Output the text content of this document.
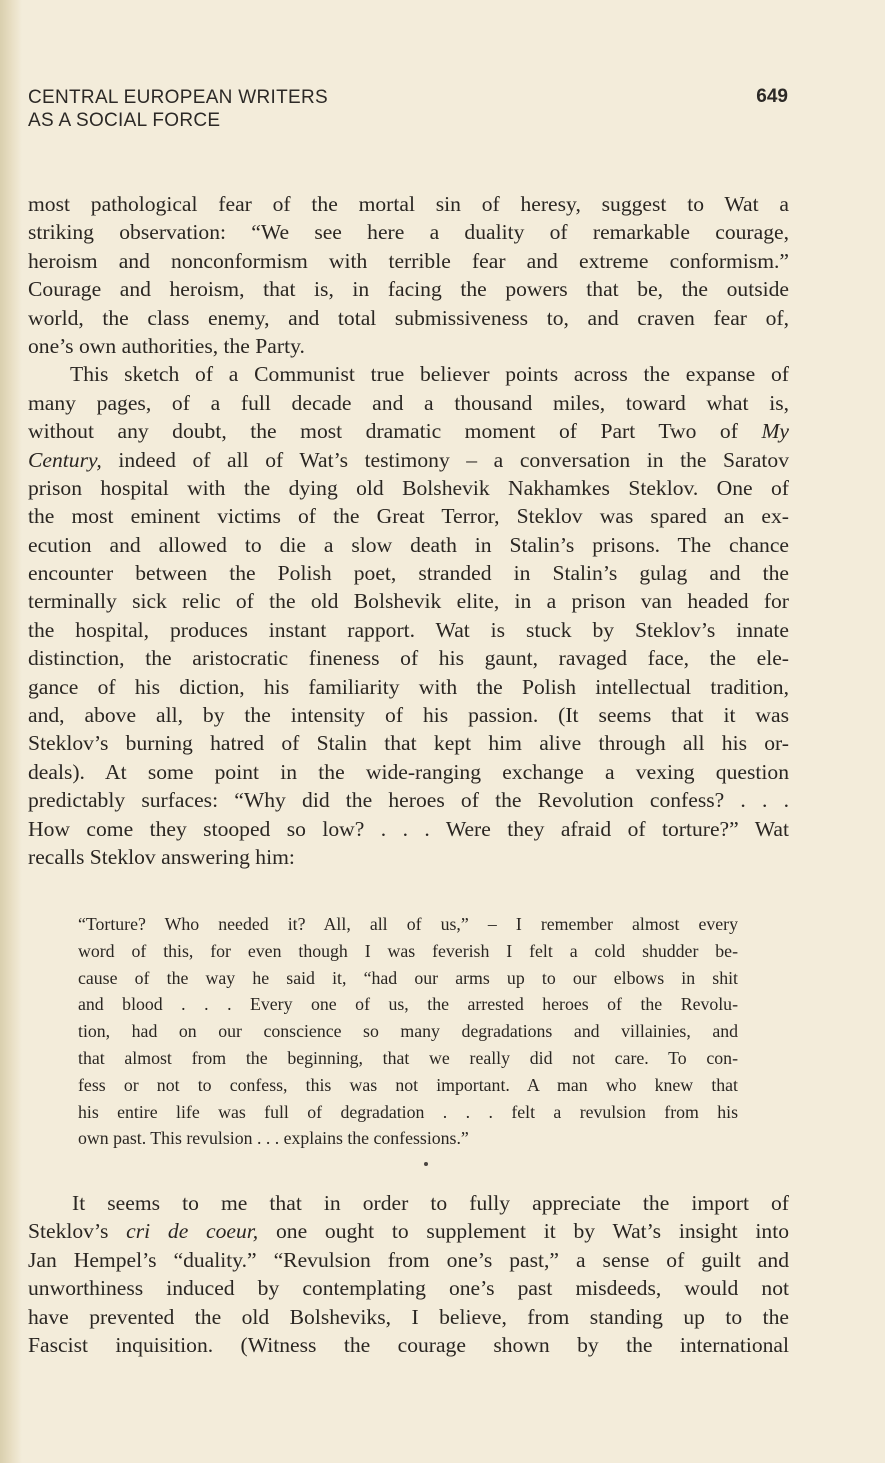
CENTRAL EUROPEAN WRITERS
AS A SOCIAL FORCE
649
most pathological fear of the mortal sin of heresy, suggest to Wat a
striking observation: “We see here a duality of remarkable courage,
heroism and nonconformism with terrible fear and extreme conformism.”
Courage and heroism, that is, in facing the powers that be, the outside
world, the class enemy, and total submissiveness to, and craven fear of,
one’s own authorities, the Party.
This sketch of a Communist true believer points across the expanse of
many pages, of a full decade and a thousand miles, toward what is,
without any doubt, the most dramatic moment of Part Two of My
Century, indeed of all of Wat’s testimony – a conversation in the Saratov
prison hospital with the dying old Bolshevik Nakhamkes Steklov. One of
the most eminent victims of the Great Terror, Steklov was spared an ex-
ecution and allowed to die a slow death in Stalin’s prisons. The chance
encounter between the Polish poet, stranded in Stalin’s gulag and the
terminally sick relic of the old Bolshevik elite, in a prison van headed for
the hospital, produces instant rapport. Wat is stuck by Steklov’s innate
distinction, the aristocratic fineness of his gaunt, ravaged face, the ele-
gance of his diction, his familiarity with the Polish intellectual tradition,
and, above all, by the intensity of his passion. (It seems that it was
Steklov’s burning hatred of Stalin that kept him alive through all his or-
deals). At some point in the wide-ranging exchange a vexing question
predictably surfaces: “Why did the heroes of the Revolution confess? . . .
How come they stooped so low? . . . Were they afraid of torture?” Wat
recalls Steklov answering him:
“Torture? Who needed it? All, all of us,” – I remember almost every
word of this, for even though I was feverish I felt a cold shudder be-
cause of the way he said it, “had our arms up to our elbows in shit
and blood . . . Every one of us, the arrested heroes of the Revolu-
tion, had on our conscience so many degradations and villainies, and
that almost from the beginning, that we really did not care. To con-
fess or not to confess, this was not important. A man who knew that
his entire life was full of degradation . . . felt a revulsion from his
own past. This revulsion . . . explains the confessions.”
It seems to me that in order to fully appreciate the import of
Steklov’s cri de coeur, one ought to supplement it by Wat’s insight into
Jan Hempel’s “duality.” “Revulsion from one’s past,” a sense of guilt and
unworthiness induced by contemplating one’s past misdeeds, would not
have prevented the old Bolsheviks, I believe, from standing up to the
Fascist inquisition. (Witness the courage shown by the international
